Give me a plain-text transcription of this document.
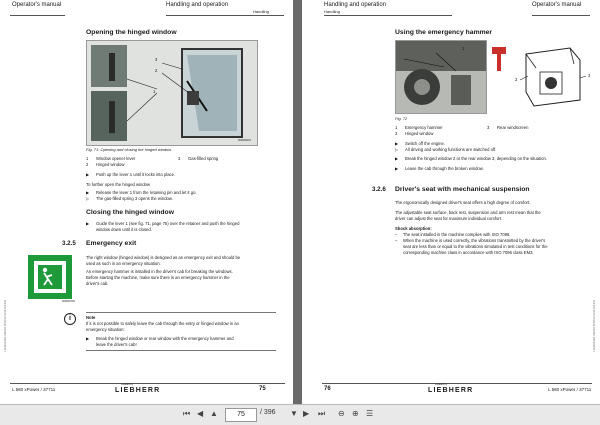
Operator's manual	Handling and operation
Handling
Opening the hinged window
3
2
1
000000001
Fig. 71: Opening and closing the hinged window
1 Window opener lever	3 Gas-filled spring
2 Hinged window
▶ Push up the lever 1 until it locks into place.
To further open the hinged window
▶ Release the lever 1 from the retaining pin and let it go.
▷ The gas-filled spring 3 opens the window.
Closing the hinged window
▶ Guide the lever 1 (see fig. 71, page 75) over the retainer and push the hinged
window down until it is closed.
3.2.5 Emergency exit
000000781
The right window (hinged window) is designed as an emergency exit and should be
used as such in an emergency situation.
An emergency hammer is installed in the driver's cab for breaking the windows.
Before starting the machine, make sure there is an emergency hammer in the
driver's cab.
i	Note
If it is not possible to safely leave the cab through the entry or hinged window in an
emergency situation:
▶ Break the hinged window or rear window with the emergency hammer and
leave the driver's cab!
LIEBHERR-WERK BISCHOFSHOFEN
L 580 xPower / 37711
created by
LIEBHERR	75
Handling and operation	Operator's manual
Handling
Using the emergency hammer
1
2
3
Fig. 72
1 Emergency hammer	3 Rear windscreen
2 Hinged window
▶ Switch off the engine.
▷ All driving and working functions are switched off.
▶ Break the hinged window 2 or the rear window 3, depending on the situation.
▶ Leave the cab through the broken window.
3.2.6 Driver's seat with mechanical suspension
The ergonomically designed driver's seat offers a high degree of comfort.
The adjustable seat surface, back rest, suspension and arm rest mean that the
driver can adjust the seat for maximum individual comfort.
Shock absorption:
– The seat installed in the machine complies with ISO 7096.
– When the machine is used correctly, the vibrations transmitted by the driver's
seat are less than or equal to the vibrations simulated in test conditions for the
corresponding machine class in accordance with ISO 7096 class EM3.
LIEBHERR-WERK BISCHOFSHOFEN
76
created by
LIEBHERR	L 580 xPower / 37711
⏮ ◀ ▲	75	/ 396 ▼ ▶ ⏭ ⊖ ⊕ ☰
